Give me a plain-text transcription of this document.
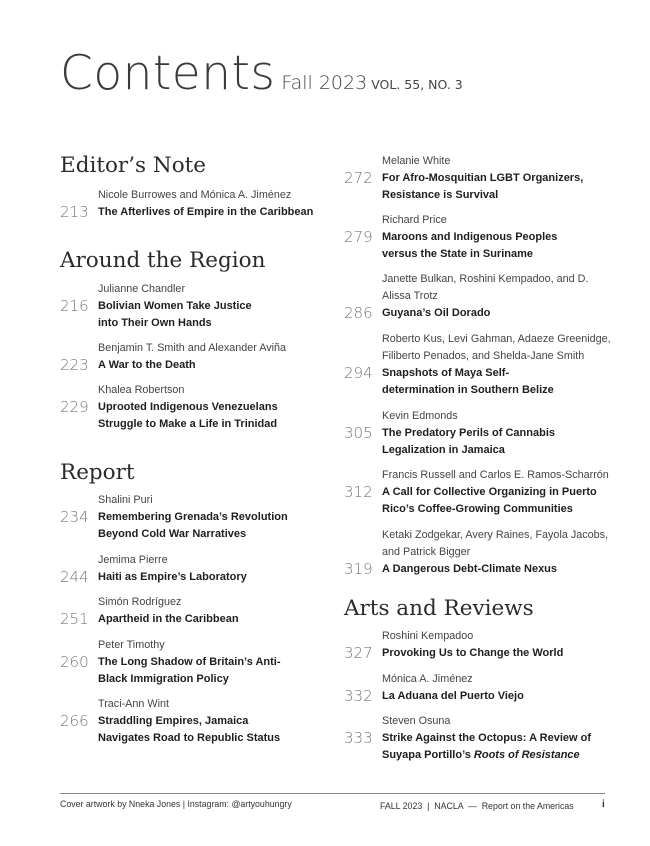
Contents Fall 2023 VOL. 55, NO. 3
Editor’s Note
Nicole Burrowes and Mónica A. Jiménez
213 The Afterlives of Empire in the Caribbean
Around the Region
Julianne Chandler
216 Bolivian Women Take Justice
into Their Own Hands
Benjamin T. Smith and Alexander Aviña
223 A War to the Death
Khalea Robertson
229 Uprooted Indigenous Venezuelans
Struggle to Make a Life in Trinidad
Report
Shalini Puri
234 Remembering Grenada’s Revolution
Beyond Cold War Narratives
Jemima Pierre
244 Haiti as Empire’s Laboratory
Simón Rodríguez
251 Apartheid in the Caribbean
Peter Timothy
260 The Long Shadow of Britain’s Anti-
Black Immigration Policy
Traci-Ann Wint
266 Straddling Empires, Jamaica
Navigates Road to Republic Status
Melanie White
272 For Afro-Mosquitian LGBT Organizers,
Resistance is Survival
Richard Price
279 Maroons and Indigenous Peoples
versus the State in Suriname
Janette Bulkan, Roshini Kempadoo, and D.
Alissa Trotz
286 Guyana’s Oil Dorado
Roberto Kus, Levi Gahman, Adaeze Greenidge,
Filiberto Penados, and Shelda-Jane Smith
294 Snapshots of Maya Self-
determination in Southern Belize
Kevin Edmonds
305 The Predatory Perils of Cannabis
Legalization in Jamaica
Francis Russell and Carlos E. Ramos-Scharrón
312 A Call for Collective Organizing in Puerto
Rico’s Coffee-Growing Communities
Ketaki Zodgekar, Avery Raines, Fayola Jacobs,
and Patrick Bigger
319 A Dangerous Debt-Climate Nexus
Arts and Reviews
Roshini Kempadoo
327 Provoking Us to Change the World
Mónica A. Jiménez
332 La Aduana del Puerto Viejo
Steven Osuna
333 Strike Against the Octopus: A Review of
Suyapa Portillo’s Roots of Resistance
Cover artwork by Nneka Jones | Instagram: @artyouhungry	FALL 2023  |  NACLA  —  Report on the Americas	i
